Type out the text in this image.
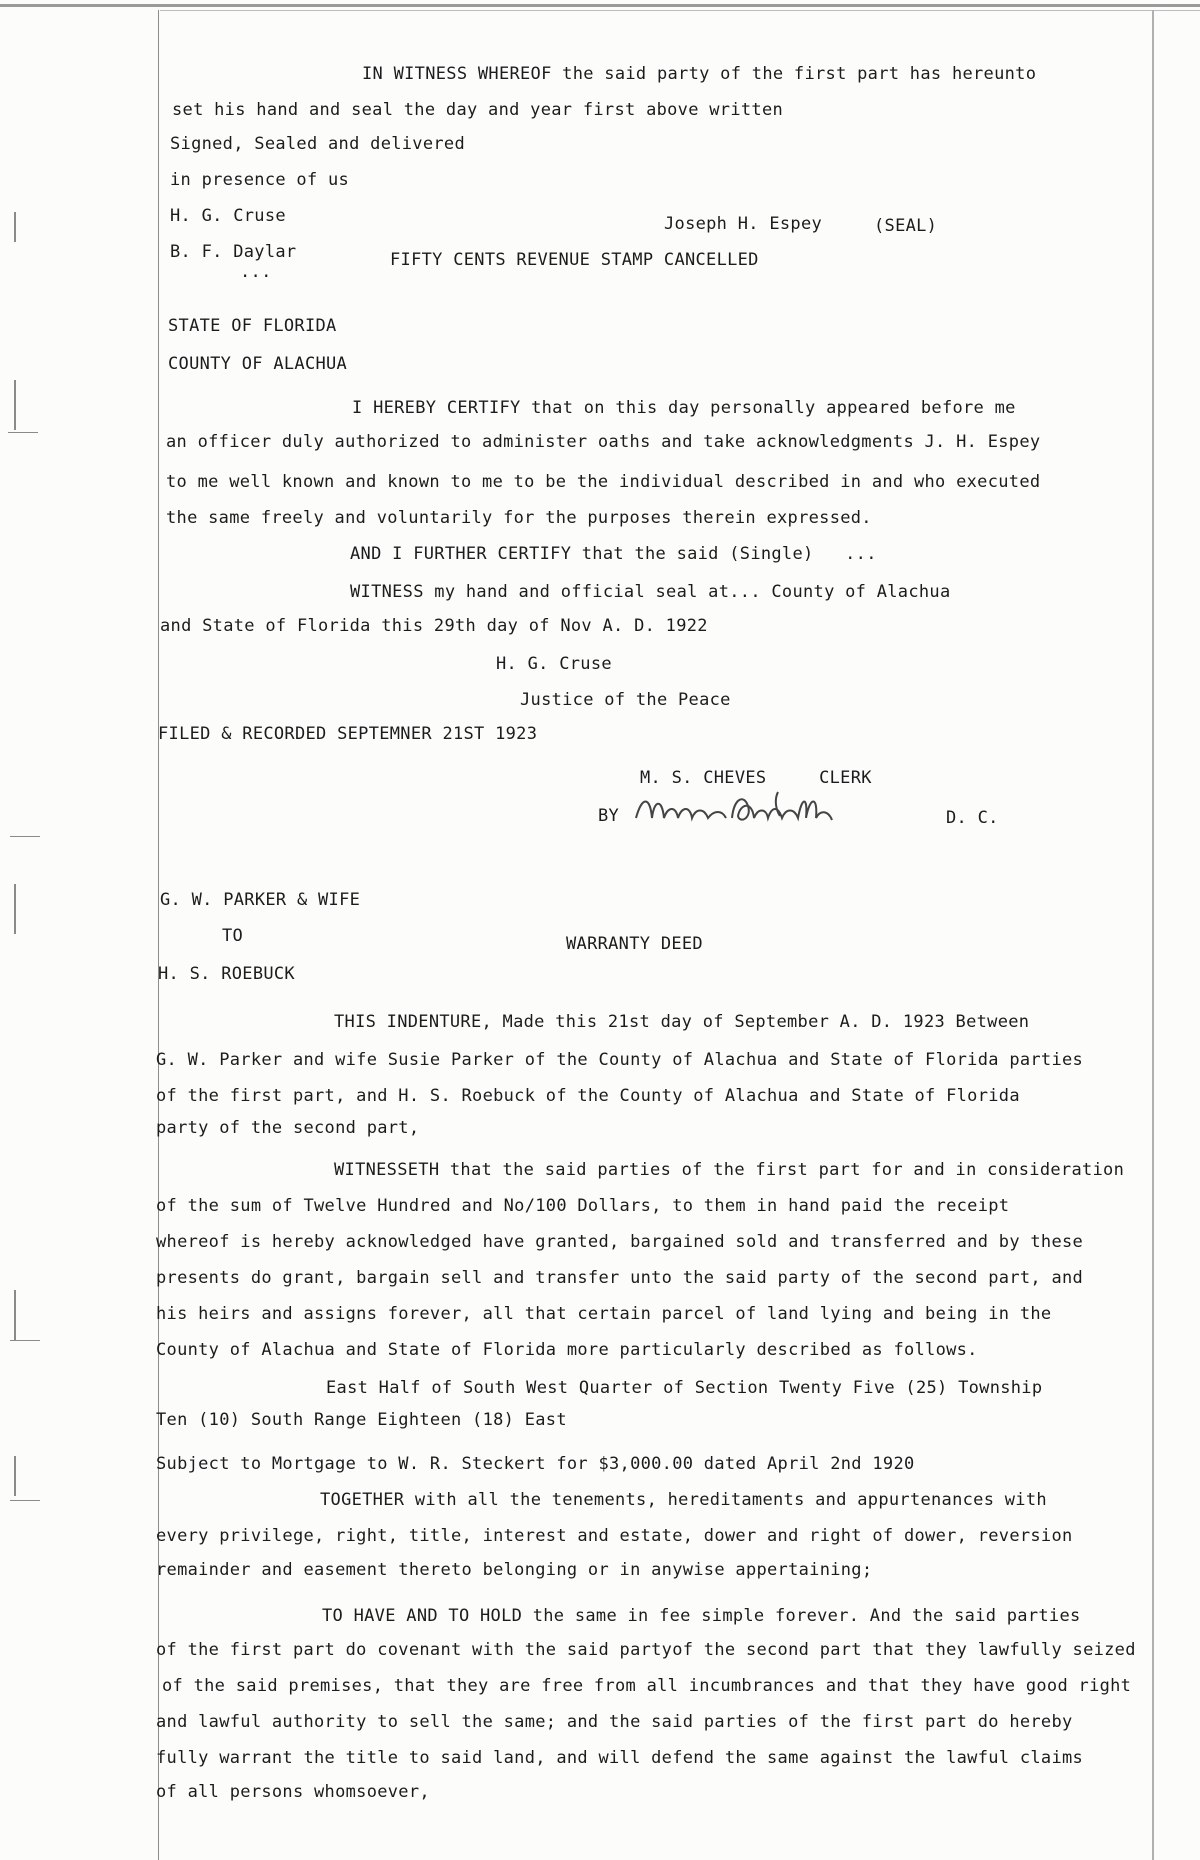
IN WITNESS WHEREOF the said party of the first part has hereunto
set his hand and seal the day and year first above written
Signed, Sealed and delivered
in presence of us
H. G. Cruse	Joseph H. Espey	(SEAL)
B. F. Daylar	FIFTY CENTS REVENUE STAMP CANCELLED
...
STATE OF FLORIDA
COUNTY OF ALACHUA
I HEREBY CERTIFY that on this day personally appeared before me
an officer duly authorized to administer oaths and take acknowledgments J. H. Espey
to me well known and known to me to be the individual described in and who executed
the same freely and voluntarily for the purposes therein expressed.
AND I FURTHER CERTIFY that the said (Single)   ...
WITNESS my hand and official seal at... County of Alachua
and State of Florida this 29th day of Nov A. D. 1922
H. G. Cruse
Justice of the Peace
FILED & RECORDED SEPTEMNER 21ST 1923
M. S. CHEVES     CLERK
BY	D. C.
G. W. PARKER & WIFE
TO	WARRANTY DEED
H. S. ROEBUCK
THIS INDENTURE, Made this 21st day of September A. D. 1923 Between
G. W. Parker and wife Susie Parker of the County of Alachua and State of Florida parties
of the first part, and H. S. Roebuck of the County of Alachua and State of Florida
party of the second part,
WITNESSETH that the said parties of the first part for and in consideration
of the sum of Twelve Hundred and No/100 Dollars, to them in hand paid the receipt
whereof is hereby acknowledged have granted, bargained sold and transferred and by these
presents do grant, bargain sell and transfer unto the said party of the second part, and
his heirs and assigns forever, all that certain parcel of land lying and being in the
County of Alachua and State of Florida more particularly described as follows.
East Half of South West Quarter of Section Twenty Five (25) Township
Ten (10) South Range Eighteen (18) East
Subject to Mortgage to W. R. Steckert for $3,000.00 dated April 2nd 1920
TOGETHER with all the tenements, hereditaments and appurtenances with
every privilege, right, title, interest and estate, dower and right of dower, reversion
remainder and easement thereto belonging or in anywise appertaining;
TO HAVE AND TO HOLD the same in fee simple forever. And the said parties
of the first part do covenant with the said partyof the second part that they lawfully seized
of the said premises, that they are free from all incumbrances and that they have good right
and lawful authority to sell the same; and the said parties of the first part do hereby
fully warrant the title to said land, and will defend the same against the lawful claims
of all persons whomsoever,
